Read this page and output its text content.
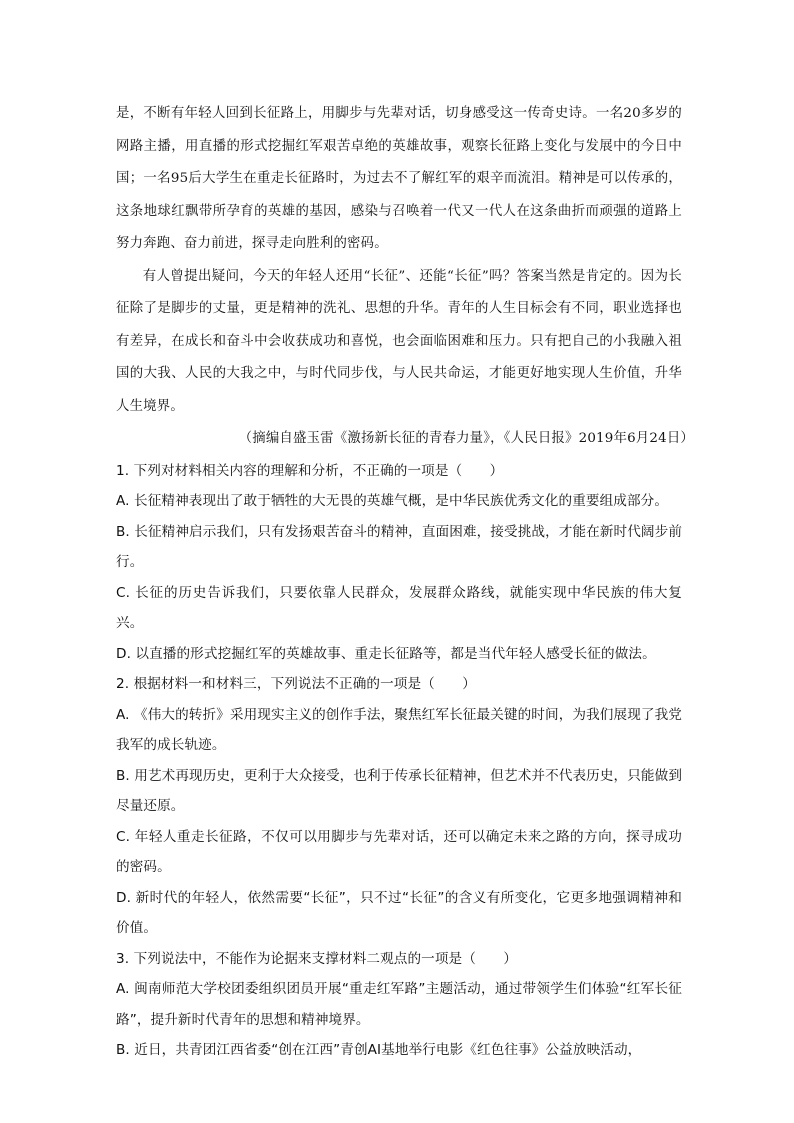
是，不断有年轻人回到长征路上，用脚步与先辈对话，切身感受这一传奇史诗。一名20多岁的网路主播，用直播的形式挖掘红军艰苦卓绝的英雄故事，观察长征路上变化与发展中的今日中国；一名95后大学生在重走长征路时，为过去不了解红军的艰辛而流泪。精神是可以传承的，这条地球红飘带所孕育的英雄的基因，感染与召唤着一代又一代人在这条曲折而顽强的道路上努力奔跑、奋力前进，探寻走向胜利的密码。

有人曾提出疑问，今天的年轻人还用“长征”、还能“长征”吗？答案当然是肯定的。因为长征除了是脚步的丈量，更是精神的洗礼、思想的升华。青年的人生目标会有不同，职业选择也有差异，在成长和奋斗中会收获成功和喜悦，也会面临困难和压力。只有把自己的小我融入祖国的大我、人民的大我之中，与时代同步伐，与人民共命运，才能更好地实现人生价值，升华人生境界。

（摘编自盛玉雷《激扬新长征的青春力量》，《人民日报》2019年6月24日）

1. 下列对材料相关内容的理解和分析，不正确的一项是（　　）

A. 长征精神表现出了敢于牺牲的大无畏的英雄气概，是中华民族优秀文化的重要组成部分。

B. 长征精神启示我们，只有发扬艰苦奋斗的精神，直面困难，接受挑战，才能在新时代阔步前行。

C. 长征的历史告诉我们，只要依靠人民群众，发展群众路线，就能实现中华民族的伟大复兴。

D. 以直播的形式挖掘红军的英雄故事、重走长征路等，都是当代年轻人感受长征的做法。

2. 根据材料一和材料三，下列说法不正确的一项是（　　）

A. 《伟大的转折》采用现实主义的创作手法，聚焦红军长征最关键的时间，为我们展现了我党我军的成长轨迹。

B. 用艺术再现历史，更利于大众接受，也利于传承长征精神，但艺术并不代表历史，只能做到尽量还原。

C. 年轻人重走长征路，不仅可以用脚步与先辈对话，还可以确定未来之路的方向，探寻成功的密码。

D. 新时代的年轻人，依然需要“长征”，只不过“长征”的含义有所变化，它更多地强调精神和价值。

3. 下列说法中，不能作为论据来支撑材料二观点的一项是（　　）

A. 闽南师范大学校团委组织团员开展“重走红军路”主题活动，通过带领学生们体验“红军长征路”，提升新时代青年的思想和精神境界。

B. 近日，共青团江西省委“创在江西”青创AI基地举行电影《红色往事》公益放映活动，
